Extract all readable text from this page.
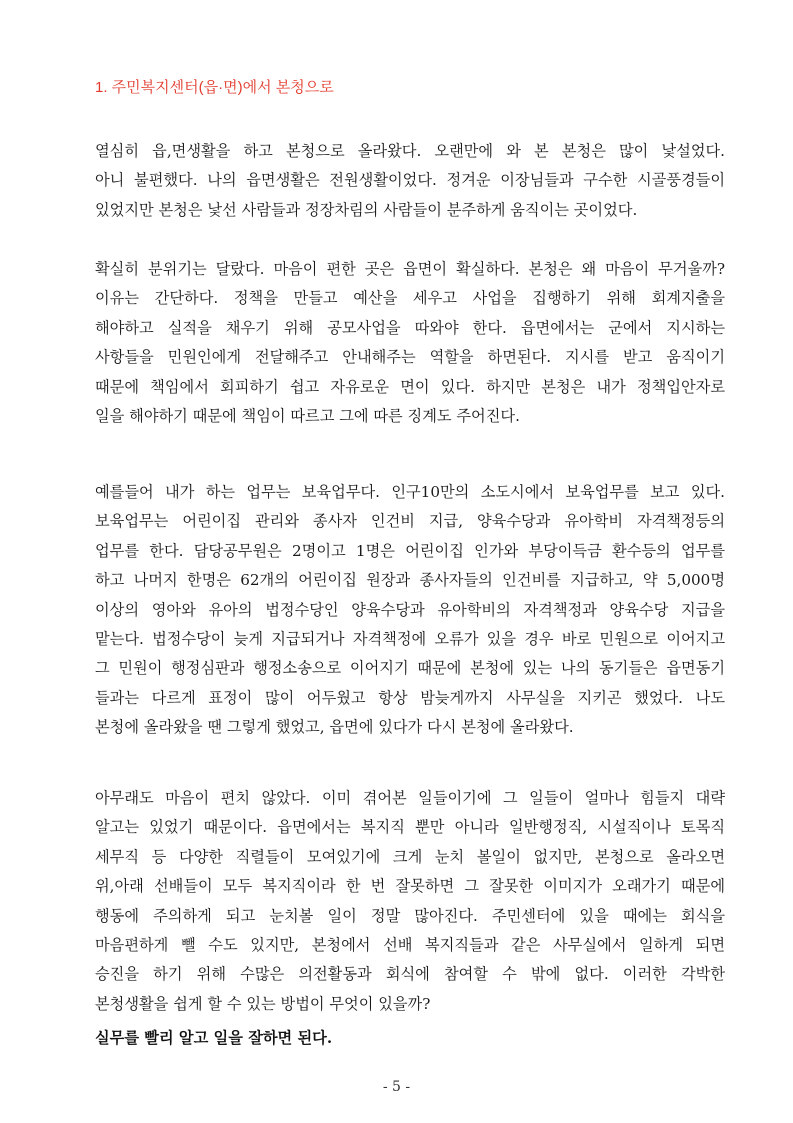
1. 주민복지센터(읍·면)에서 본청으로
열심히 읍,면생활을 하고 본청으로 올라왔다. 오랜만에 와 본 본청은 많이 낯설었다.
아니 불편했다. 나의 읍면생활은 전원생활이었다. 정겨운 이장님들과 구수한 시골풍경들이
있었지만 본청은 낯선 사람들과 정장차림의 사람들이 분주하게 움직이는 곳이었다.
확실히 분위기는 달랐다. 마음이 편한 곳은 읍면이 확실하다. 본청은 왜 마음이 무거울까?
이유는 간단하다. 정책을 만들고 예산을 세우고 사업을 집행하기 위해 회계지출을
해야하고 실적을 채우기 위해 공모사업을 따와야 한다. 읍면에서는 군에서 지시하는
사항들을 민원인에게 전달해주고 안내해주는 역할을 하면된다. 지시를 받고 움직이기
때문에 책임에서 회피하기 쉽고 자유로운 면이 있다. 하지만 본청은 내가 정책입안자로
일을 해야하기 때문에 책임이 따르고 그에 따른 징계도 주어진다.
예를들어 내가 하는 업무는 보육업무다. 인구10만의 소도시에서 보육업무를 보고 있다.
보육업무는 어린이집 관리와 종사자 인건비 지급, 양육수당과 유아학비 자격책정등의
업무를 한다. 담당공무원은 2명이고 1명은 어린이집 인가와 부당이득금 환수등의 업무를
하고 나머지 한명은 62개의 어린이집 원장과 종사자들의 인건비를 지급하고, 약 5,000명
이상의 영아와 유아의 법정수당인 양육수당과 유아학비의 자격책정과 양육수당 지급을
맡는다. 법정수당이 늦게 지급되거나 자격책정에 오류가 있을 경우 바로 민원으로 이어지고
그 민원이 행정심판과 행정소송으로 이어지기 때문에 본청에 있는 나의 동기들은 읍면동기
들과는 다르게 표정이 많이 어두웠고 항상 밤늦게까지 사무실을 지키곤 했었다. 나도
본청에 올라왔을 땐 그렇게 했었고, 읍면에 있다가 다시 본청에 올라왔다.
아무래도 마음이 편치 않았다. 이미 겪어본 일들이기에 그 일들이 얼마나 힘들지 대략
알고는 있었기 때문이다. 읍면에서는 복지직 뿐만 아니라 일반행정직, 시설직이나 토목직
세무직 등 다양한 직렬들이 모여있기에 크게 눈치 볼일이 없지만, 본청으로 올라오면
위,아래 선배들이 모두 복지직이라 한 번 잘못하면 그 잘못한 이미지가 오래가기 때문에
행동에 주의하게 되고 눈치볼 일이 정말 많아진다. 주민센터에 있을 때에는 회식을
마음편하게 뺄 수도 있지만, 본청에서 선배 복지직들과 같은 사무실에서 일하게 되면
승진을 하기 위해 수많은 의전활동과 회식에 참여할 수 밖에 없다. 이러한 각박한
본청생활을 쉽게 할 수 있는 방법이 무엇이 있을까?

실무를 빨리 알고 일을 잘하면 된다.

- 5 -
